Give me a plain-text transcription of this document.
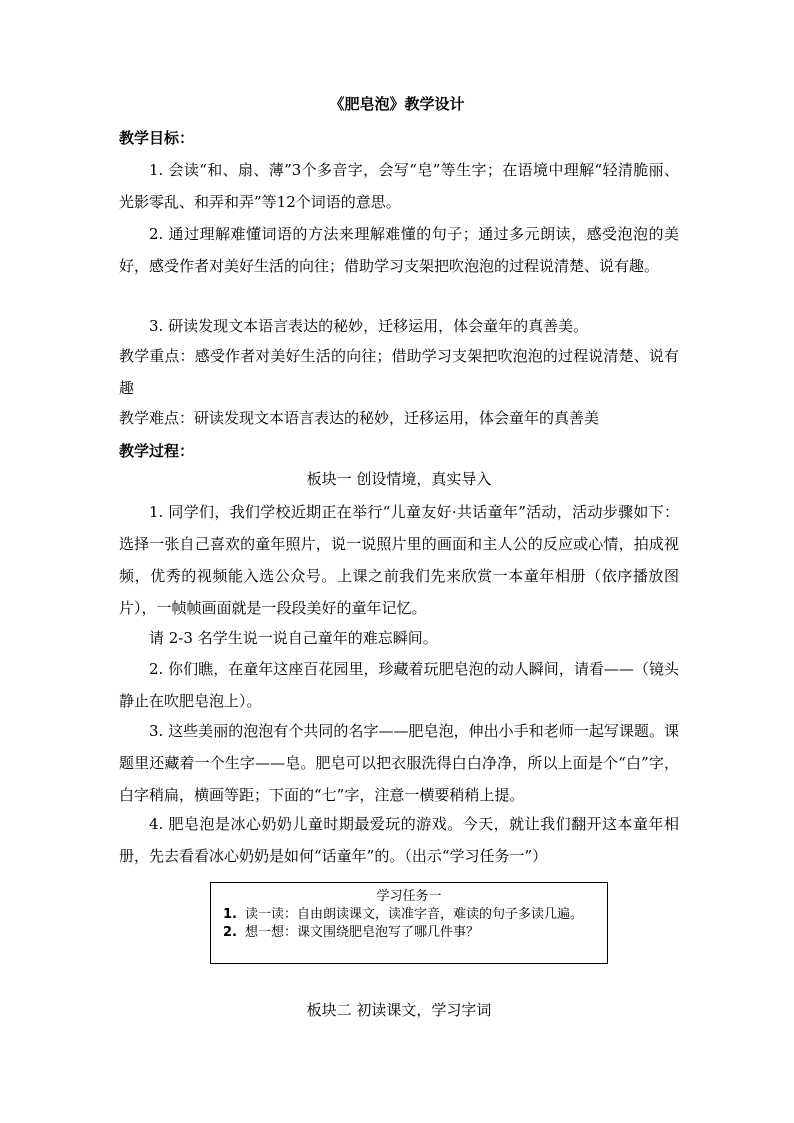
《肥皂泡》教学设计
教学目标：
1. 会读“和、扇、薄”3个多音字，会写“皂”等生字；在语境中理解“轻清脆丽、光影零乱、和弄和弄”等12个词语的意思。
2. 通过理解难懂词语的方法来理解难懂的句子；通过多元朗读，感受泡泡的美好，感受作者对美好生活的向往；借助学习支架把吹泡泡的过程说清楚、说有趣。
3. 研读发现文本语言表达的秘妙，迁移运用，体会童年的真善美。
教学重点：感受作者对美好生活的向往；借助学习支架把吹泡泡的过程说清楚、说有趣
教学难点：研读发现文本语言表达的秘妙，迁移运用，体会童年的真善美
教学过程：
板块一 创设情境，真实导入
1. 同学们，我们学校近期正在举行“儿童友好·共话童年”活动，活动步骤如下：选择一张自己喜欢的童年照片，说一说照片里的画面和主人公的反应或心情，拍成视频，优秀的视频能入选公众号。上课之前我们先来欣赏一本童年相册（依序播放图片），一帧帧画面就是一段段美好的童年记忆。
请 2-3 名学生说一说自己童年的难忘瞬间。
2. 你们瞧，在童年这座百花园里，珍藏着玩肥皂泡的动人瞬间，请看——（镜头静止在吹肥皂泡上）。
3. 这些美丽的泡泡有个共同的名字——肥皂泡，伸出小手和老师一起写课题。课题里还藏着一个生字——皂。肥皂可以把衣服洗得白白净净，所以上面是个“白”字，白字稍扁，横画等距；下面的“七”字，注意一横要稍稍上提。
4. 肥皂泡是冰心奶奶儿童时期最爱玩的游戏。今天，就让我们翻开这本童年相册，先去看看冰心奶奶是如何“话童年”的。（出示“学习任务一”）
学习任务一
1. 读一读：自由朗读课文，读准字音，难读的句子多读几遍。
2. 想一想：课文围绕肥皂泡写了哪几件事？
板块二 初读课文，学习字词
